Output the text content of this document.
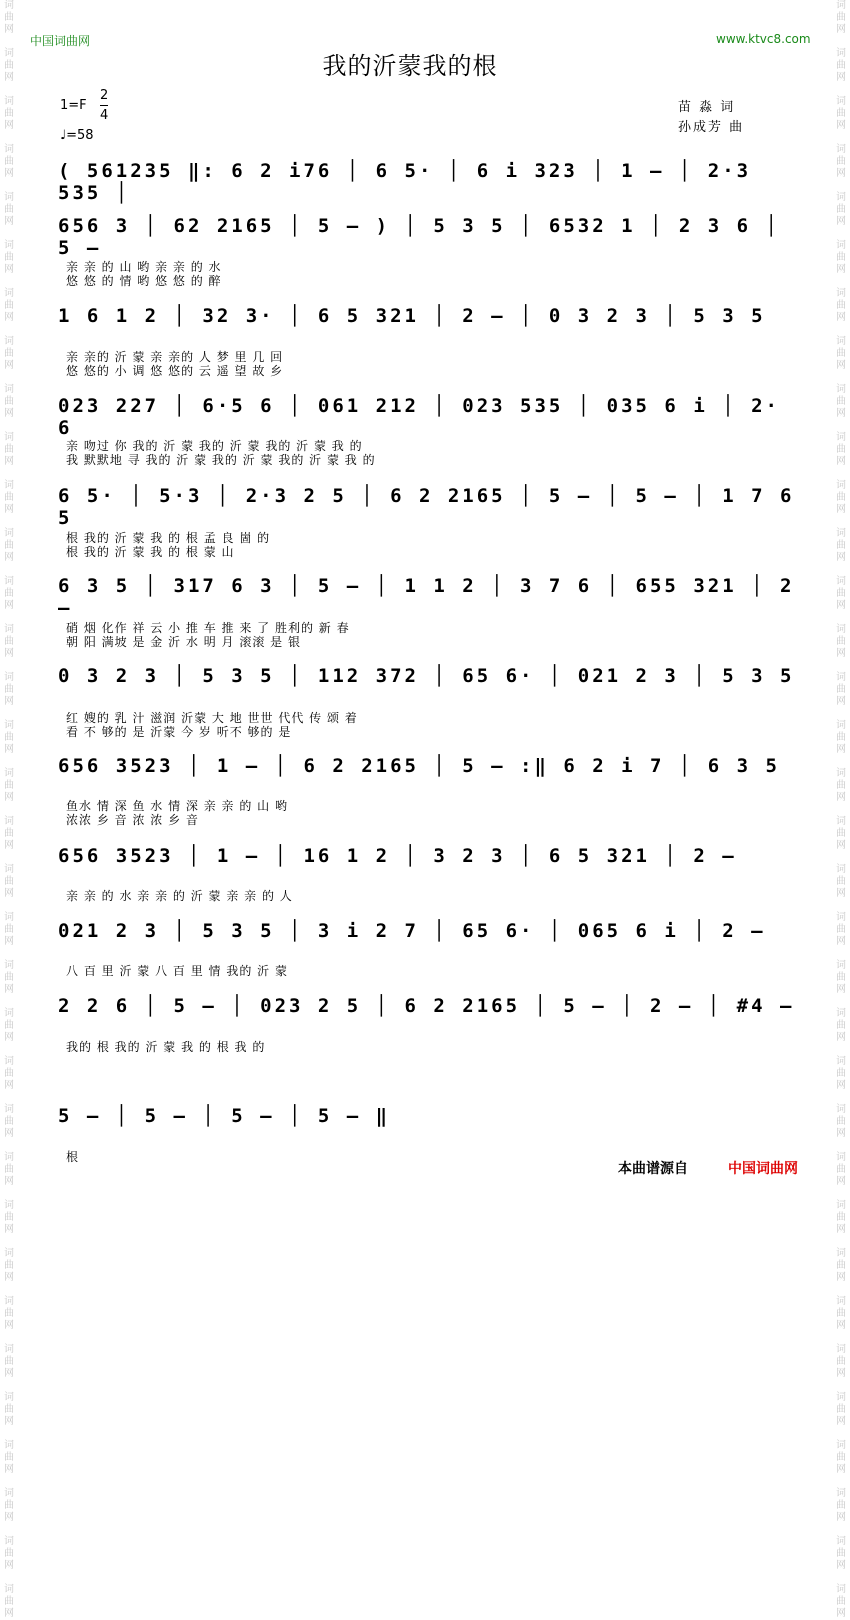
词
曲
网

词
曲
网

词
曲
网

词
曲
网

词
曲
网

词
曲
网

词
曲
网

词
曲
网

词
曲
网

词
曲
网

词
曲
网

词
曲
网

词
曲
网

词
曲
网

词
曲
网

词
曲
网

词
曲
网

词
曲
网

词
曲
网

词
曲
网

词
曲
网

词
曲
网

词
曲
网

词
曲
网

词
曲
网

词
曲
网

词
曲
网

词
曲
网

词
曲
网

词
曲
网

词
曲
网

词
曲
网

词
曲
网

词
曲
网

词
曲
网

词
曲
网

词
曲
网

词
曲
网

词
曲
网

词
曲
网

词
曲
网

词
曲
网

词
曲
网

词
曲
网

词
曲
网

词
曲
网

词
曲
网

词
曲
网

词
曲
网

词
曲
网

词
曲
网

词
曲
网

词
曲
网

词
曲
网

词
曲
网

词
曲
网

词
曲
网

词
曲
网

词
曲
网

词
曲
网

词
曲
网

词
曲
网

词
曲
网

词
曲
网

词
曲
网

词
曲
网

词
曲
网

词
曲
网

中国词曲网	www.ktvc8.com
我的沂蒙我的根
1=F
2
4
♩=58
苗 淼 词
孙成芳 曲
( 561235 ‖: 6 2 i76 │ 6 5· │ 6 i 323 │ 1 – │ 2·3 535 │
656 3 │ 62 2165 │ 5 – ) │ 5 3 5 │ 6532 1 │ 2 3 6 │ 5 –
亲 亲 的 山 哟 亲 亲 的 水
悠 悠 的 情 哟 悠 悠 的 醉
1 6 1 2 │ 32 3· │ 6 5 321 │ 2 – │ 0 3 2 3 │ 5 3 5
亲 亲的 沂 蒙 亲 亲的 人 梦 里 几 回
悠 悠的 小 调 悠 悠的 云 遥 望 故 乡
023 227 │ 6·5 6 │ 061 212 │ 023 535 │ 035 6 i │ 2· 6
亲 吻过 你 我的 沂 蒙 我的 沂 蒙 我的 沂 蒙 我 的
我 默默地 寻 我的 沂 蒙 我的 沂 蒙 我的 沂 蒙 我 的
6 5· │ 5·3 │ 2·3 2 5 │ 6 2 2165 │ 5 – │ 5 – │ 1 7 6 5
根 我的 沂 蒙 我 的 根 孟 良 崮 的
根 我的 沂 蒙 我 的 根 蒙 山
6 3 5 │ 317 6 3 │ 5 – │ 1 1 2 │ 3 7 6 │ 655 321 │ 2 –
硝 烟 化作 祥 云 小 推 车 推 来 了 胜利的 新 春
朝 阳 满坡 是 金 沂 水 明 月 滚滚 是 银
0 3 2 3 │ 5 3 5 │ 112 372 │ 65 6· │ 021 2 3 │ 5 3 5
红 嫂的 乳 汁 滋润 沂蒙 大 地 世世 代代 传 颂 着
看 不 够的 是 沂蒙 今 岁 听不 够的 是
656 3523 │ 1 – │ 6 2 2165 │ 5 – :‖ 6 2 i 7 │ 6 3 5
鱼水 情 深 鱼 水 情 深 亲 亲 的 山 哟
浓浓 乡 音 浓 浓 乡 音
656 3523 │ 1 – │ 16 1 2 │ 3 2 3 │ 6 5 321 │ 2 –
亲 亲 的 水 亲 亲 的 沂 蒙 亲 亲 的 人
021 2 3 │ 5 3 5 │ 3 i 2 7 │ 65 6· │ 065 6 i │ 2 –
八 百 里 沂 蒙 八 百 里 情 我的 沂 蒙
2 2 6 │ 5 – │ 023 2 5 │ 6 2 2165 │ 5 – │ 2 – │ #4 –
我的 根 我的 沂 蒙 我 的 根 我 的
5 – │ 5 – │ 5 – │ 5 – ‖
根
本曲谱源自	中国词曲网
